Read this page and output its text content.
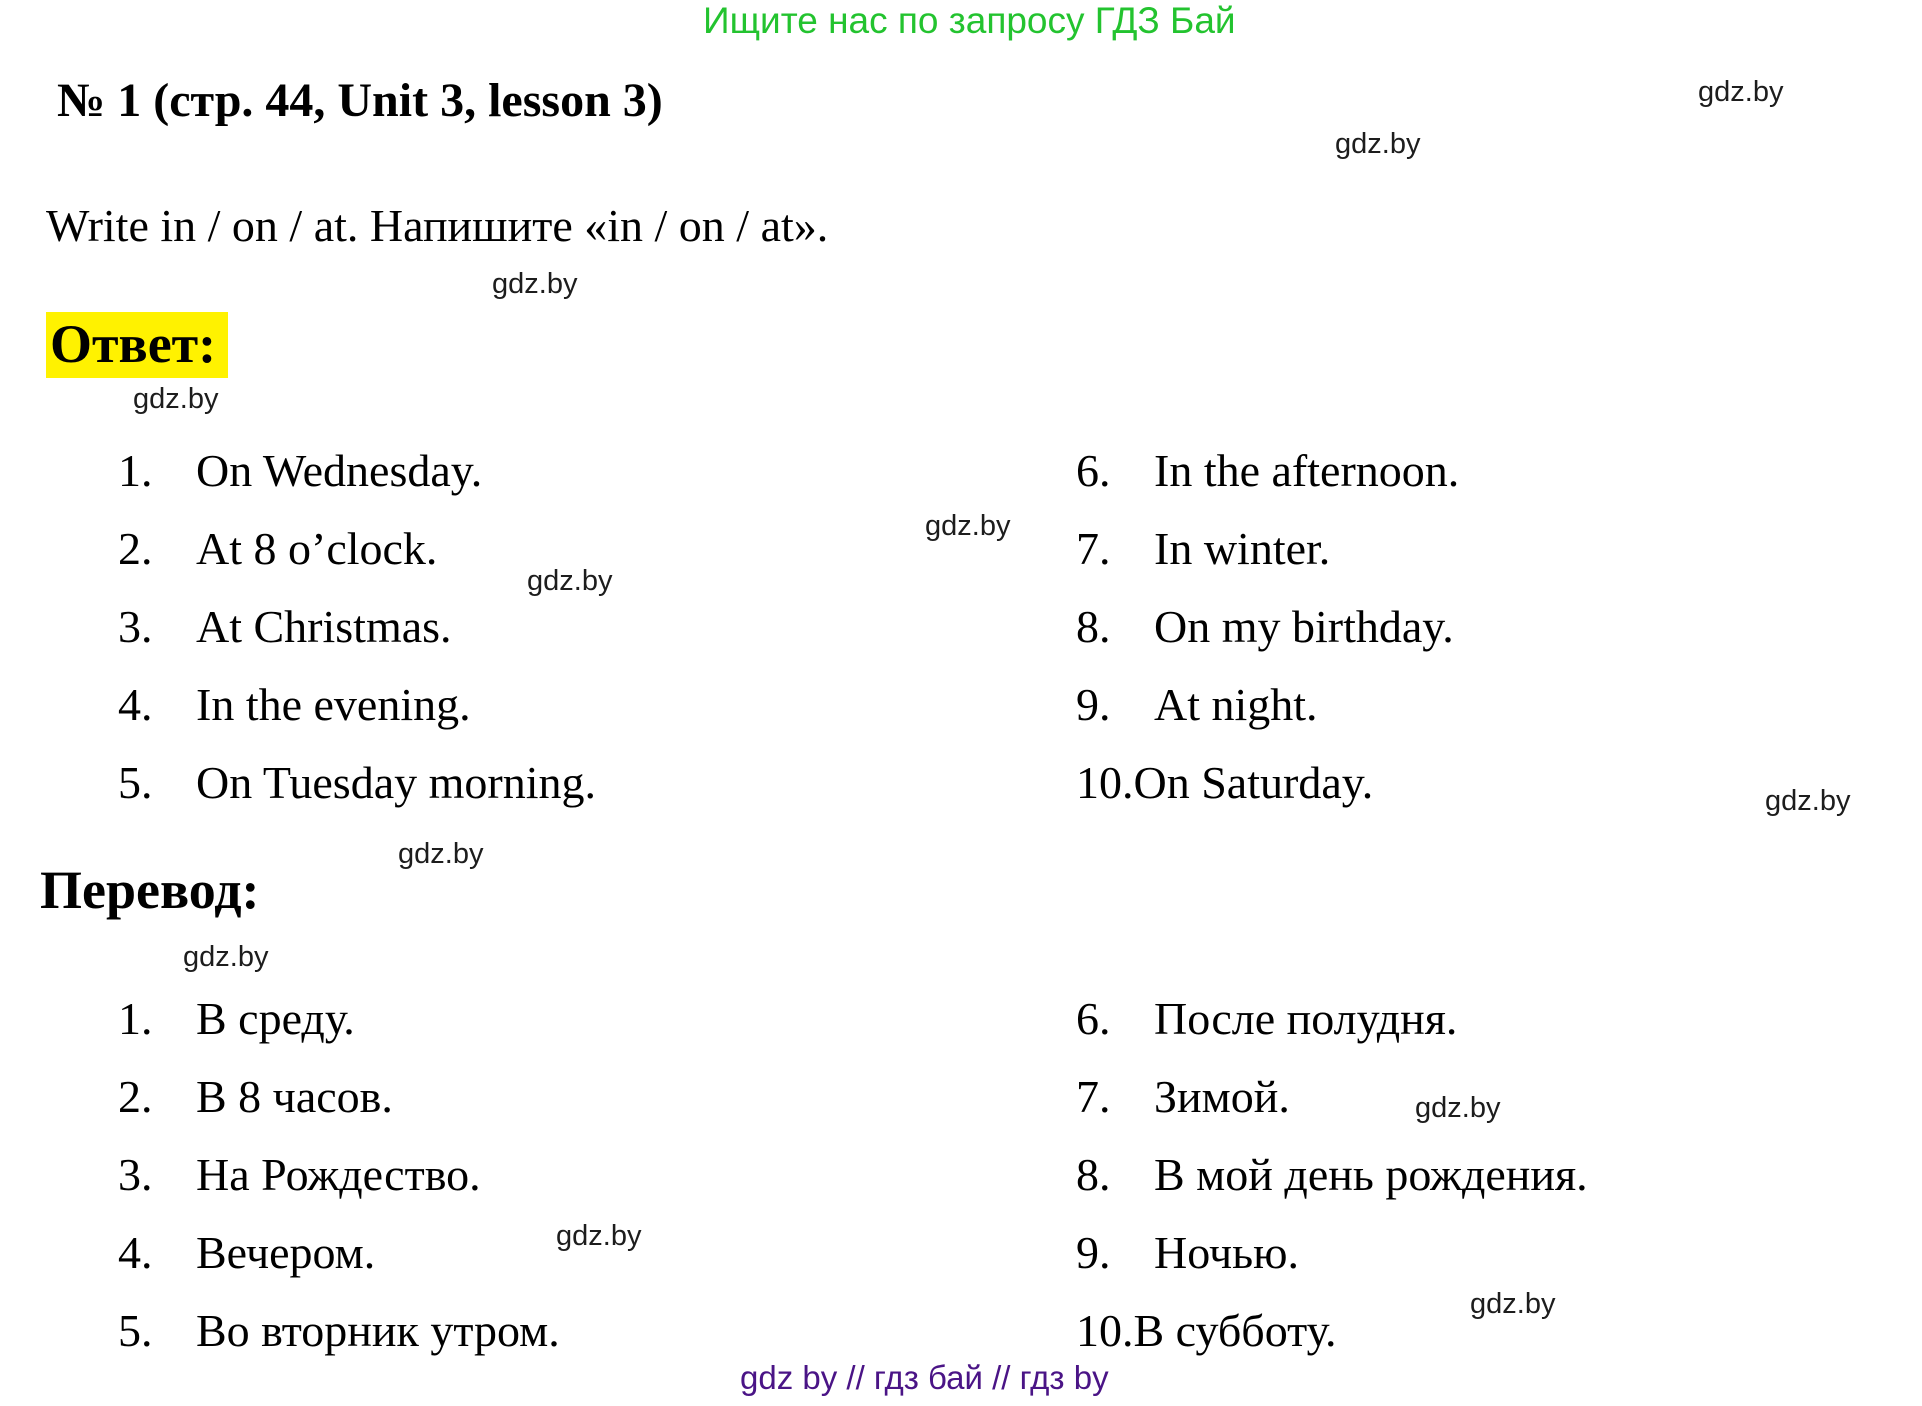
Ищите нас по запросу ГДЗ Бай
№ 1 (стр. 44, Unit 3, lesson 3)
Write in / on / at. Напишите «in / on / at».
Ответ:
1. On Wednesday.
2. At 8 o’clock.
3. At Christmas.
4. In the evening.
5. On Tuesday morning.
6. In the afternoon.
7. In winter.
8. On my birthday.
9. At night.
10.On Saturday.
Перевод:
1. В среду.
2. В 8 часов.
3. На Рождество.
4. Вечером.
5. Во вторник утром.
6. После полудня.
7. Зимой.
8. В мой день рождения.
9. Ночью.
10.В субботу.
gdz.by
gdz.by
gdz.by
gdz.by
gdz.by
gdz.by
gdz.by
gdz.by
gdz.by
gdz.by
gdz.by
gdz.by
gdz by // гдз бай // гдз by
